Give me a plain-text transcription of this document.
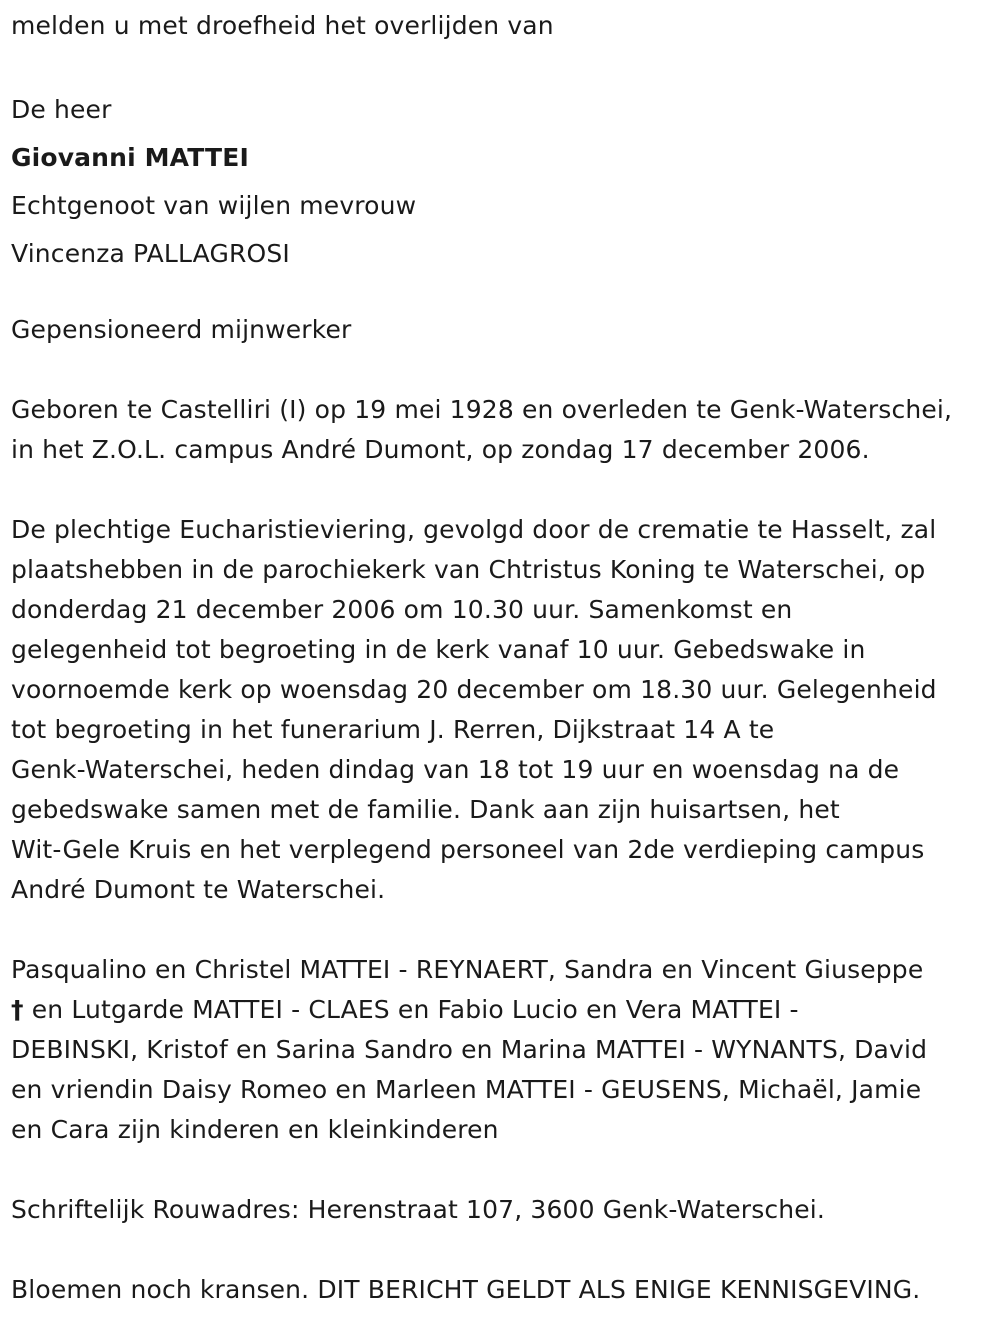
melden u met droefheid het overlijden van
De heer
Giovanni MATTEI
Echtgenoot van wijlen mevrouw
Vincenza PALLAGROSI
Gepensioneerd mijnwerker
Geboren te Castelliri (I) op 19 mei 1928 en overleden te Genk-Waterschei,
in het Z.O.L. campus André Dumont, op zondag 17 december 2006.
De plechtige Eucharistieviering, gevolgd door de crematie te Hasselt, zal
plaatshebben in de parochiekerk van Chtristus Koning te Waterschei, op
donderdag 21 december 2006 om 10.30 uur. Samenkomst en
gelegenheid tot begroeting in de kerk vanaf 10 uur. Gebedswake in
voornoemde kerk op woensdag 20 december om 18.30 uur. Gelegenheid
tot begroeting in het funerarium J. Rerren, Dijkstraat 14 A te
Genk-Waterschei, heden dindag van 18 tot 19 uur en woensdag na de
gebedswake samen met de familie. Dank aan zijn huisartsen, het
Wit-Gele Kruis en het verplegend personeel van 2de verdieping campus
André Dumont te Waterschei.
Pasqualino en Christel MATTEI - REYNAERT, Sandra en Vincent Giuseppe
† en Lutgarde MATTEI - CLAES en Fabio Lucio en Vera MATTEI -
DEBINSKI, Kristof en Sarina Sandro en Marina MATTEI - WYNANTS, David
en vriendin Daisy Romeo en Marleen MATTEI - GEUSENS, Michaël, Jamie
en Cara zijn kinderen en kleinkinderen
Schriftelijk Rouwadres: Herenstraat 107, 3600 Genk-Waterschei.
Bloemen noch kransen. DIT BERICHT GELDT ALS ENIGE KENNISGEVING.
